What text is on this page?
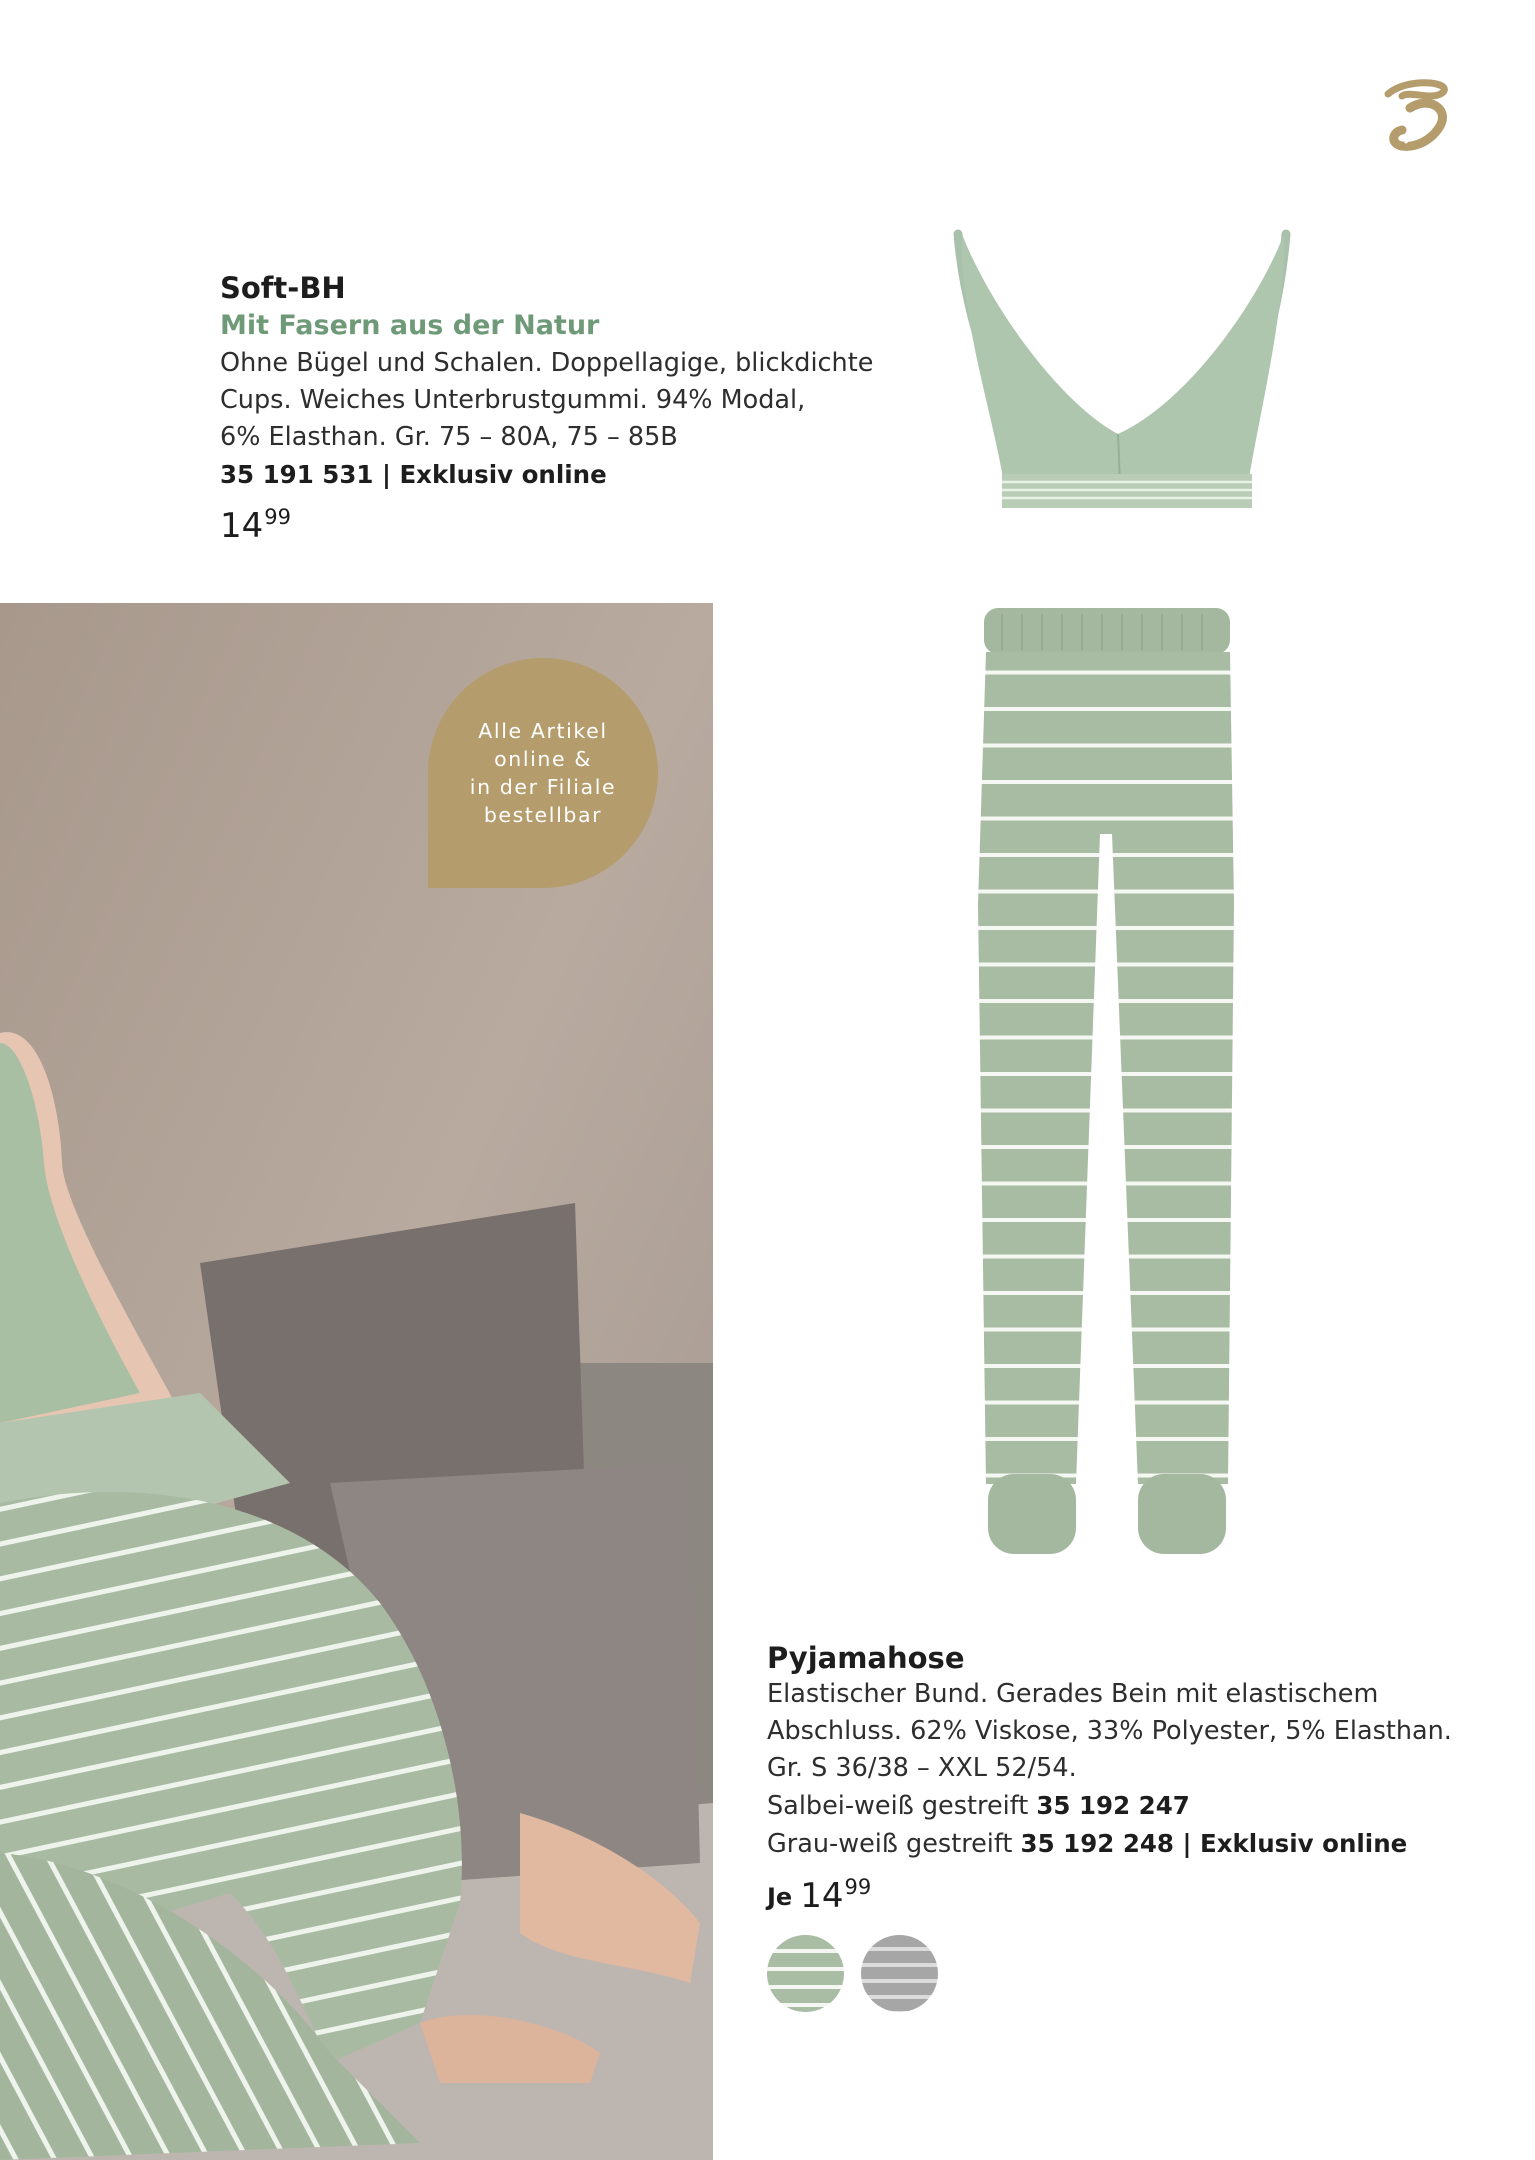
Soft-BH
Mit Fasern aus der Natur
Ohne Bügel und Schalen. Doppellagige, blickdichte
Cups. Weiches Unterbrustgummi. 94% Modal,
6% Elasthan. Gr. 75 – 80A, 75 – 85B
35 191 531 | Exklusiv online
$14^{99}$
Alle Artikel
online &
in der Filiale
bestellbar
Pyjamahose
Elastischer Bund. Gerades Bein mit elastischem
Abschluss. 62% Viskose, 33% Polyester, 5% Elasthan.
Gr. S 36/38 – XXL 52/54.
Salbei-weiß gestreift 35 192 247
Grau-weiß gestreift 35 192 248 | Exklusiv online
Je $14^{99}$
